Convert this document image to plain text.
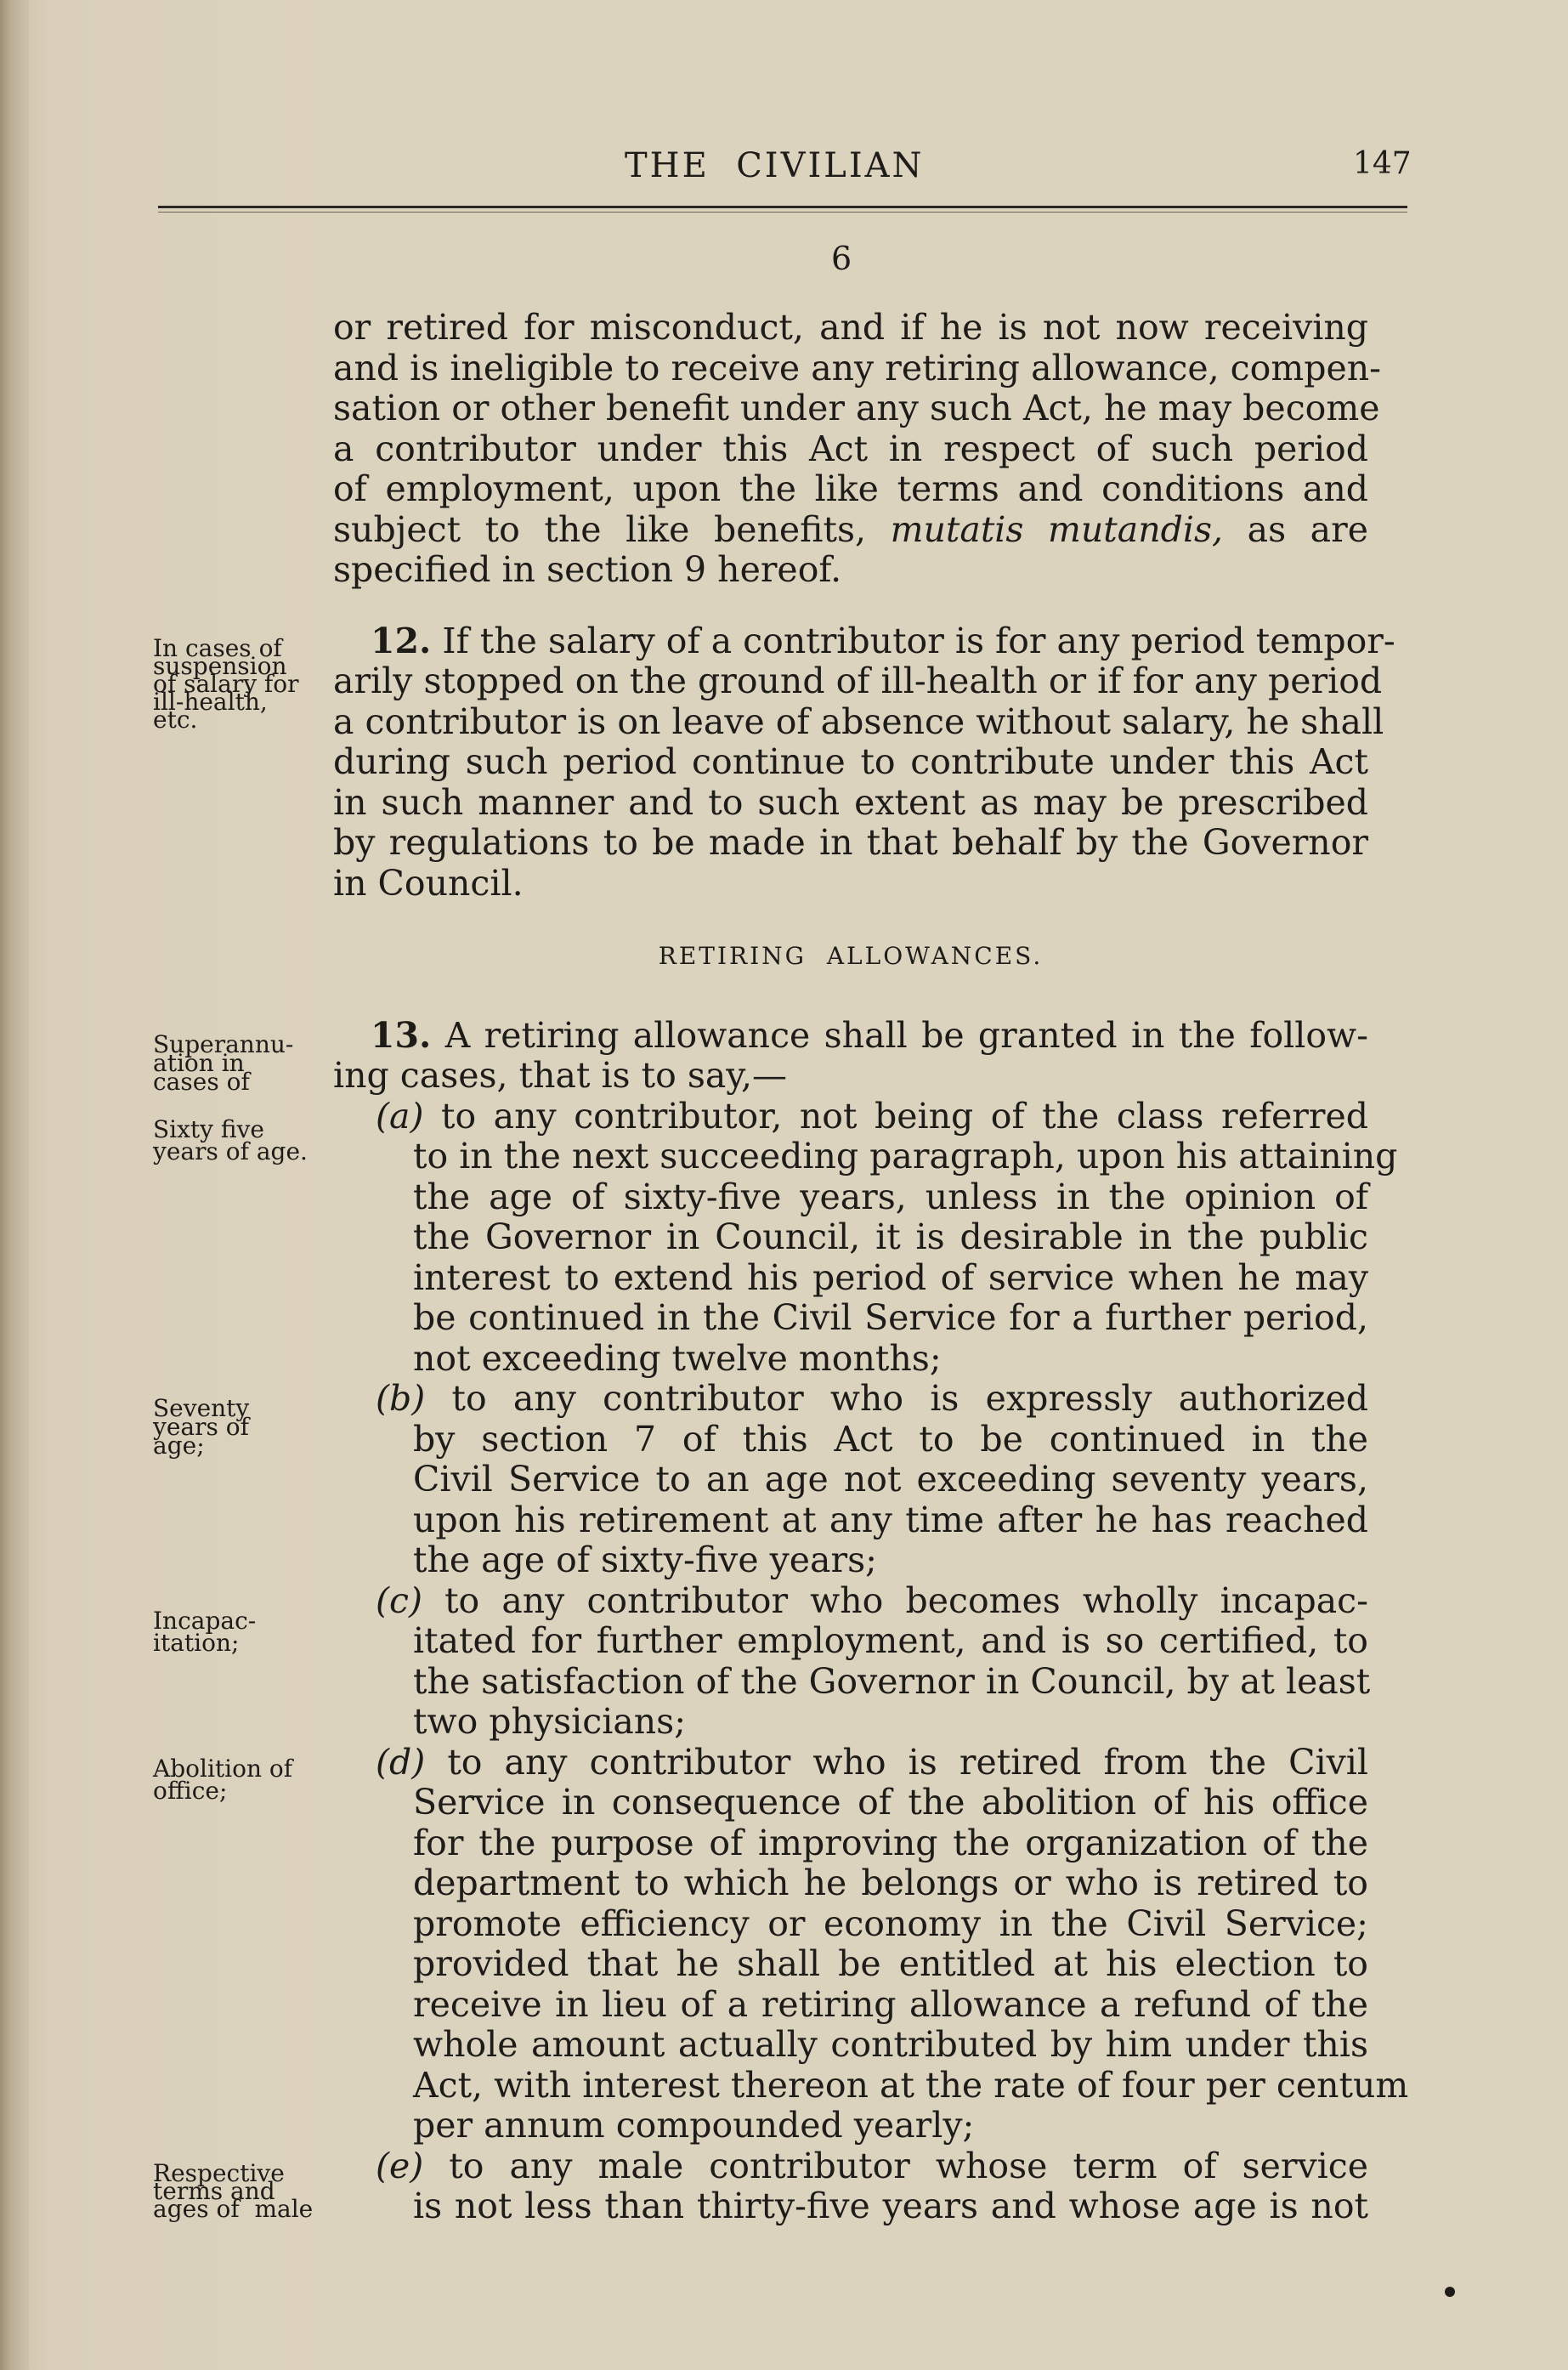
THE  CIVILIAN	147
6
In cases of
suspension
of salary for
ill-health,
etc.
Superannu-
ation in
cases of
Sixty five
years of age.
Seventy
years of
age;
Incapac-
itation;
Abolition of
office;
Respective
terms and
ages of  male

or retired for misconduct, and if he is not now receiving
and is ineligible to receive any retiring allowance, compen-
sation or other benefit under any such Act, he may become
a contributor under this Act in respect of such period
of employment, upon the like terms and conditions and
subject to the like benefits, mutatis mutandis, as are
specified in section 9 hereof.

12. If the salary of a contributor is for any period tempor-
arily stopped on the ground of ill-health or if for any period
a contributor is on leave of absence without salary, he shall
during such period continue to contribute under this Act
in such manner and to such extent as may be prescribed
by regulations to be made in that behalf by the Governor
in Council.

RETIRING  ALLOWANCES.

13. A retiring allowance shall be granted in the follow-
ing cases, that is to say,—

(a) to any contributor, not being of the class referred
to in the next succeeding paragraph, upon his attaining
the age of sixty-five years, unless in the opinion of
the Governor in Council, it is desirable in the public
interest to extend his period of service when he may
be continued in the Civil Service for a further period,
not exceeding twelve months;
(b) to any contributor who is expressly authorized
by section 7 of this Act to be continued in the
Civil Service to an age not exceeding seventy years,
upon his retirement at any time after he has reached
the age of sixty-five years;
(c) to any contributor who becomes wholly incapac-
itated for further employment, and is so certified, to
the satisfaction of the Governor in Council, by at least
two physicians;
(d) to any contributor who is retired from the Civil
Service in consequence of the abolition of his office
for the purpose of improving the organization of the
department to which he belongs or who is retired to
promote efficiency or economy in the Civil Service;
provided that he shall be entitled at his election to
receive in lieu of a retiring allowance a refund of the
whole amount actually contributed by him under this
Act, with interest thereon at the rate of four per centum
per annum compounded yearly;
(e) to any male contributor whose term of service
is not less than thirty-five years and whose age is not
